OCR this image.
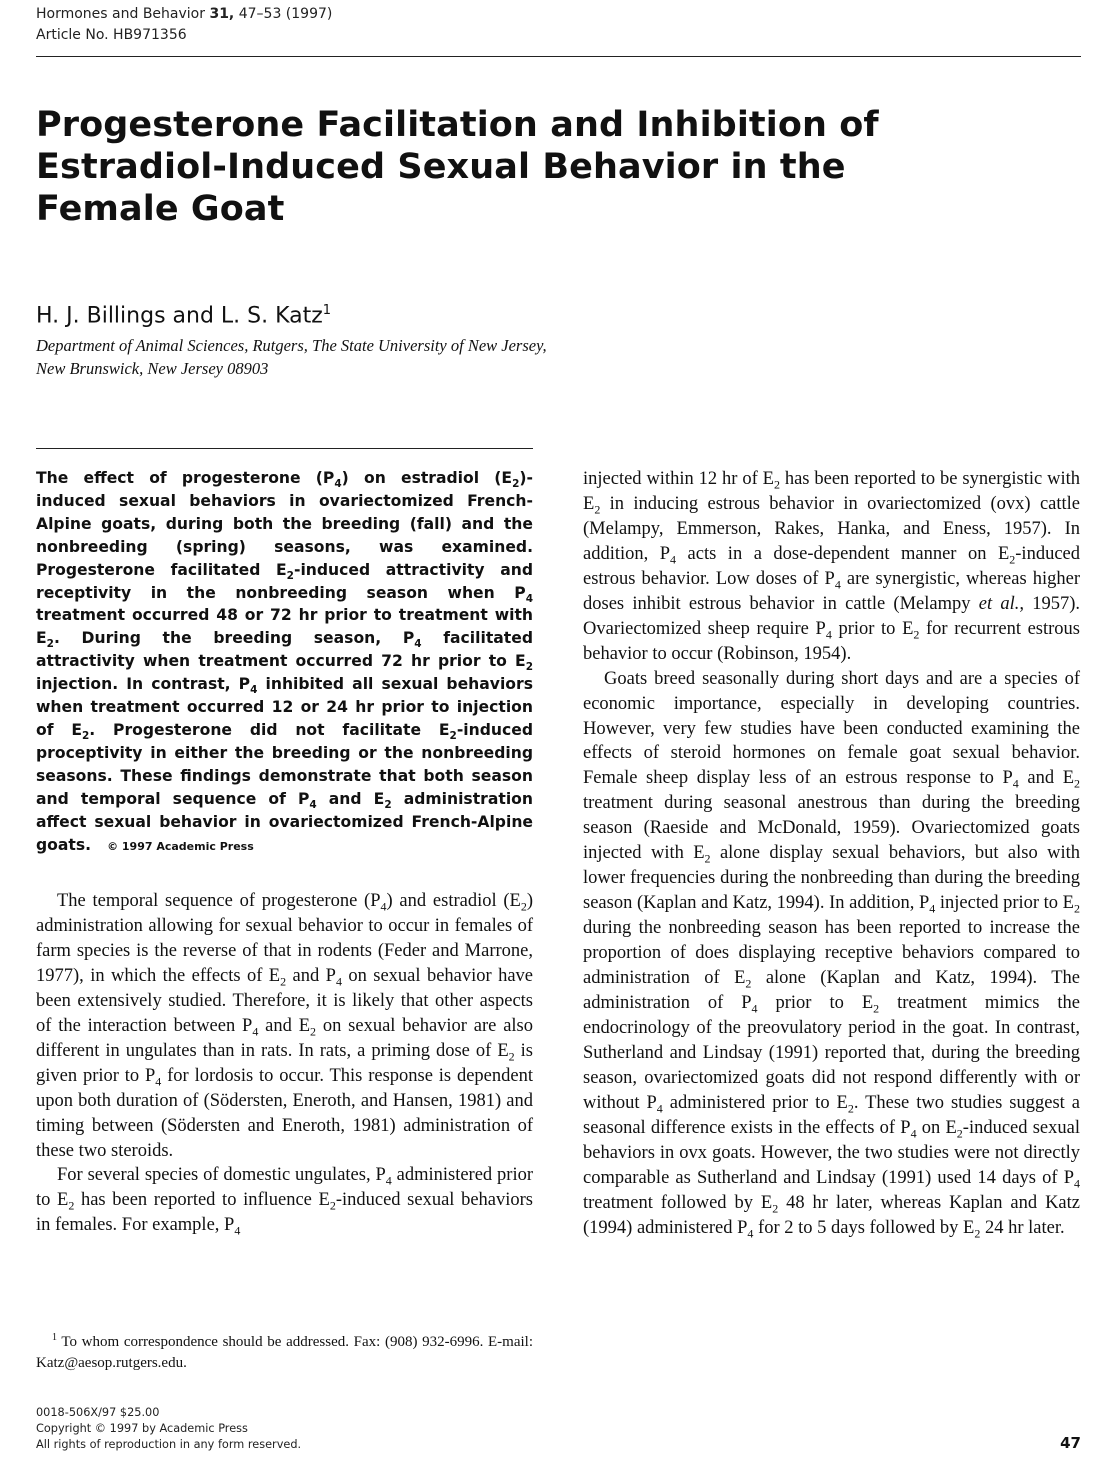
Hormones and Behavior 31, 47–53 (1997)
Article No. HB971356
Progesterone Facilitation and Inhibition of
Estradiol-Induced Sexual Behavior in the
Female Goat
H. J. Billings and L. S. Katz$^1$
Department of Animal Sciences, Rutgers, The State University of New Jersey,
New Brunswick, New Jersey 08903

The effect of progesterone $(P_4)$ on estradiol $(E_2)$-induced sexual behaviors in ovariectomized French-Alpine goats, during both the breeding (fall) and the nonbreeding (spring) seasons, was examined. Progesterone facilitated $E_2$-induced attractivity and receptivity in the nonbreeding season when $P_4$ treatment occurred 48 or 72 hr prior to treatment with $E_2$. During the breeding season, $P_4$ facilitated attractivity when treatment occurred 72 hr prior to $E_2$ injection. In contrast, $P_4$ inhibited all sexual behaviors when treatment occurred 12 or 24 hr prior to injection of $E_2$. Progesterone did not facilitate $E_2$-induced proceptivity in either the breeding or the nonbreeding seasons. These findings demonstrate that both season and temporal sequence of $P_4$ and $E_2$ administration affect sexual behavior in ovariectomized French-Alpine goats. © 1997 Academic Press

The temporal sequence of progesterone $(P_4)$ and estradiol $(E_2)$ administration allowing for sexual behavior to occur in females of farm species is the reverse of that in rodents (Feder and Marrone, 1977), in which the effects of $E_2$ and $P_4$ on sexual behavior have been extensively studied. Therefore, it is likely that other aspects of the interaction between $P_4$ and $E_2$ on sexual behavior are also different in ungulates than in rats. In rats, a priming dose of $E_2$ is given prior to $P_4$ for lordosis to occur. This response is dependent upon both duration of (Södersten, Eneroth, and Hansen, 1981) and timing between (Södersten and Eneroth, 1981) administration of these two steroids.

For several species of domestic ungulates, $P_4$ administered prior to $E_2$ has been reported to influence $E_2$-induced sexual behaviors in females. For example, $P_4$

injected within 12 hr of $E_2$ has been reported to be synergistic with $E_2$ in inducing estrous behavior in ovariectomized (ovx) cattle (Melampy, Emmerson, Rakes, Hanka, and Eness, 1957). In addition, $P_4$ acts in a dose-dependent manner on $E_2$-induced estrous behavior. Low doses of $P_4$ are synergistic, whereas higher doses inhibit estrous behavior in cattle (Melampy et al., 1957). Ovariectomized sheep require $P_4$ prior to $E_2$ for recurrent estrous behavior to occur (Robinson, 1954).

Goats breed seasonally during short days and are a species of economic importance, especially in developing countries. However, very few studies have been conducted examining the effects of steroid hormones on female goat sexual behavior. Female sheep display less of an estrous response to $P_4$ and $E_2$ treatment during seasonal anestrous than during the breeding season (Raeside and McDonald, 1959). Ovariectomized goats injected with $E_2$ alone display sexual behaviors, but also with lower frequencies during the nonbreeding than during the breeding season (Kaplan and Katz, 1994). In addition, $P_4$ injected prior to $E_2$ during the nonbreeding season has been reported to increase the proportion of does displaying receptive behaviors compared to administration of $E_2$ alone (Kaplan and Katz, 1994). The administration of $P_4$ prior to $E_2$ treatment mimics the endocrinology of the preovulatory period in the goat. In contrast, Sutherland and Lindsay (1991) reported that, during the breeding season, ovariectomized goats did not respond differently with or without $P_4$ administered prior to $E_2$. These two studies suggest a seasonal difference exists in the effects of $P_4$ on $E_2$-induced sexual behaviors in ovx goats. However, the two studies were not directly comparable as Sutherland and Lindsay (1991) used 14 days of $P_4$ treatment followed by $E_2$ 48 hr later, whereas Kaplan and Katz (1994) administered $P_4$ for 2 to 5 days followed by $E_2$ 24 hr later.

$^1$ To whom correspondence should be addressed. Fax: (908) 932-6996. E-mail: Katz@aesop.rutgers.edu.

0018-506X/97 $25.00
Copyright © 1997 by Academic Press
All rights of reproduction in any form reserved.	47
